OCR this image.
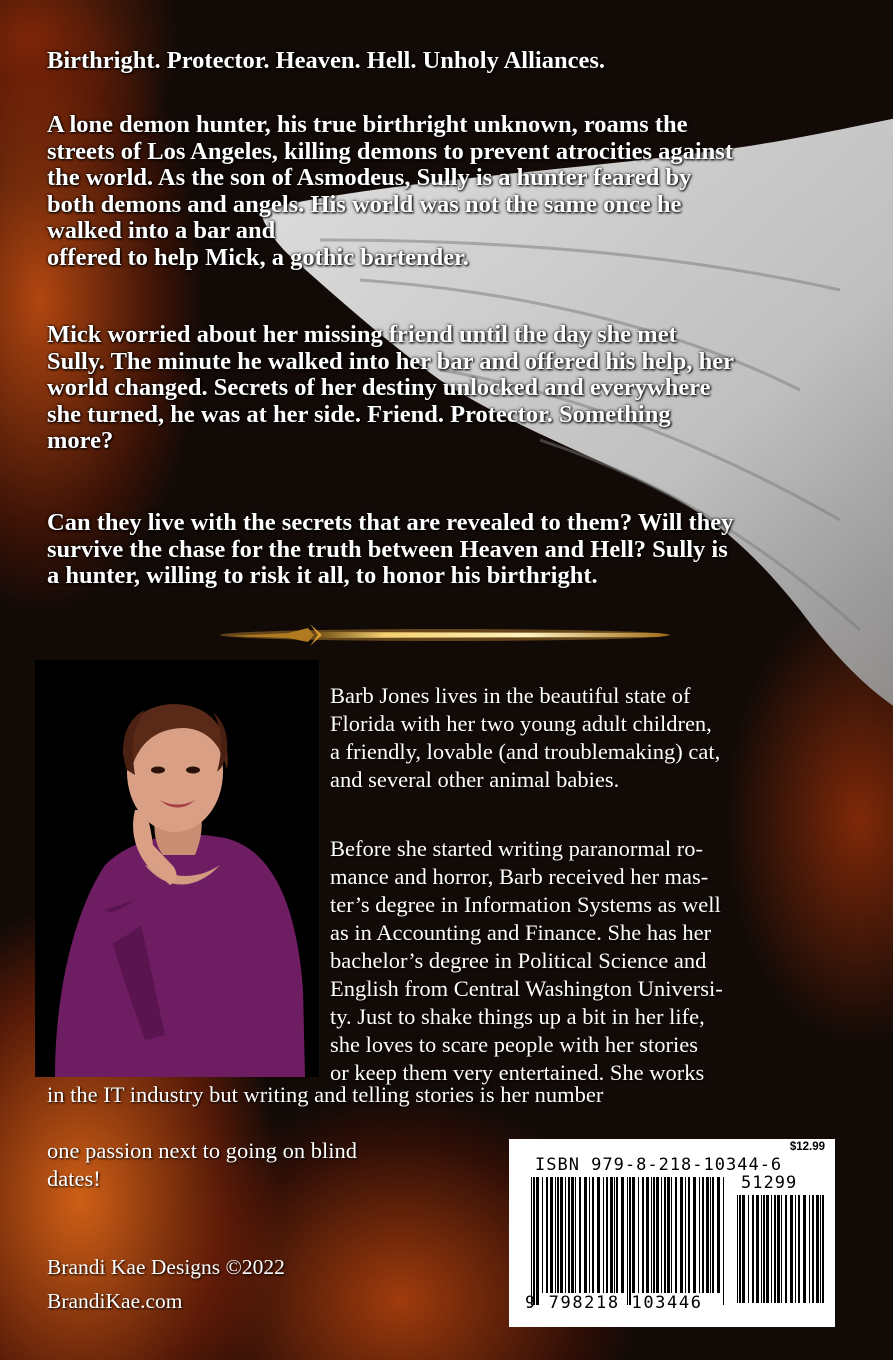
Birthright. Protector. Heaven. Hell. Unholy Alliances.
A lone demon hunter, his true birthright unknown, roams the
streets of Los Angeles, killing demons to prevent atrocities against
the world. As the son of Asmodeus, Sully is a hunter feared by
both demons and angels. His world was not the same once he
walked into a bar and
offered to help Mick, a gothic bartender.
Mick worried about her missing friend until the day she met
Sully. The minute he walked into her bar and offered his help, her
world changed. Secrets of her destiny unlocked and everywhere
she turned, he was at her side. Friend. Protector. Something
more?
Can they live with the secrets that are revealed to them? Will they
survive the chase for the truth between Heaven and Hell? Sully is
a hunter, willing to risk it all, to honor his birthright.
Barb Jones lives in the beautiful state of
Florida with her two young adult children,
a friendly, lovable (and troublemaking) cat,
and several other animal babies.
Before she started writing paranormal ro-
mance and horror, Barb received her mas-
ter’s degree in Information Systems as well
as in Accounting and Finance. She has her
bachelor’s degree in Political Science and
English from Central Washington Universi-
ty. Just to shake things up a bit in her life,
she loves to scare people with her stories
or keep them very entertained. She works
in the IT industry but writing and telling stories is her number
one passion next to going on blind
dates!
Brandi Kae Designs ©2022
BrandiKae.com
$12.99
ISBN 979-8-218-10344-6
51299
9 798218 103446
